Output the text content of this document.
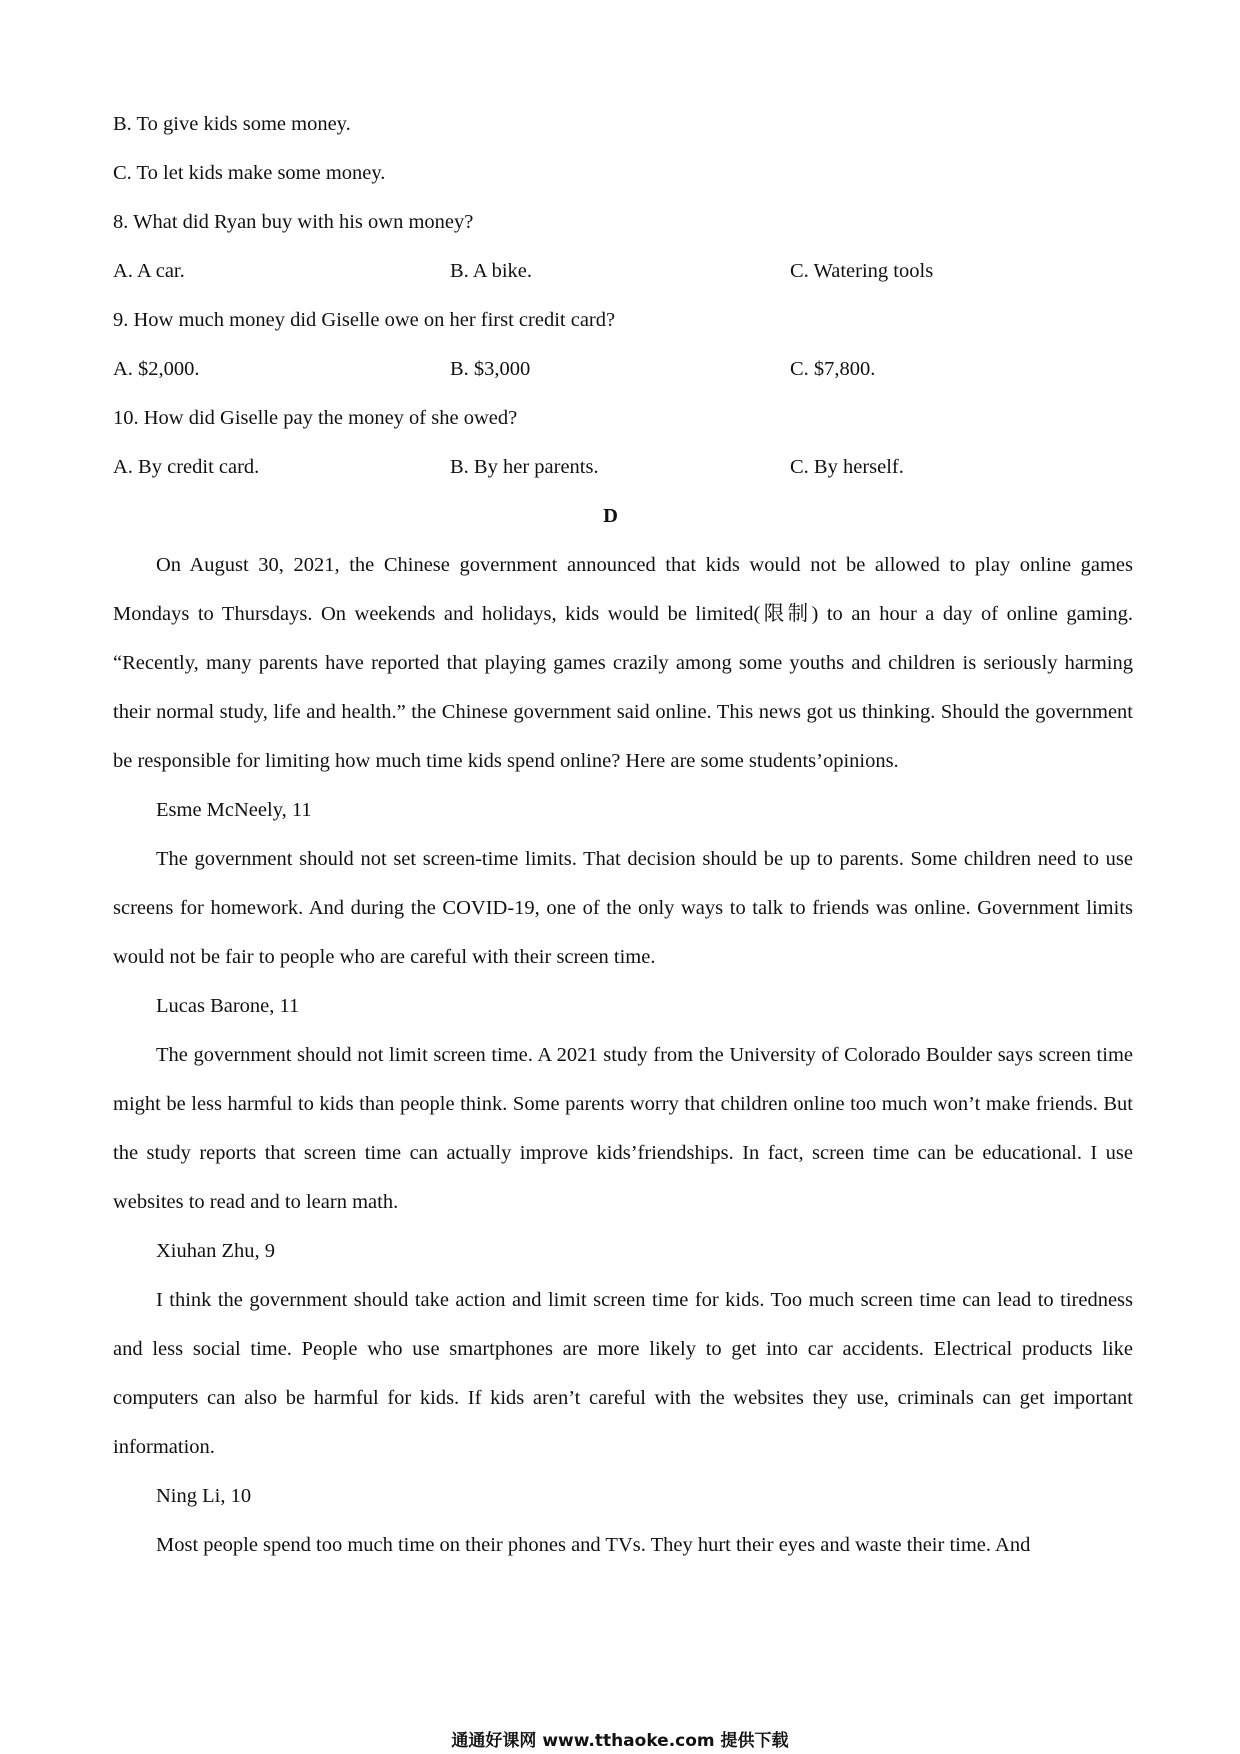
B. To give kids some money.

C. To let kids make some money.

8. What did Ryan buy with his own money?

A. A car.	B. A bike.	C. Watering tools

9. How much money did Giselle owe on her first credit card?

A. $2,000.	B. $3,000	C. $7,800.

10. How did Giselle pay the money of she owed?

A. By credit card.	B. By her parents.	C. By herself.

D

On August 30, 2021, the Chinese government announced that kids would not be allowed to play online games Mondays to Thursdays. On weekends and holidays, kids would be limited(限制) to an hour a day of online gaming. “Recently, many parents have reported that playing games crazily among some youths and children is seriously harming their normal study, life and health.” the Chinese government said online. This news got us thinking. Should the government be responsible for limiting how much time kids spend online? Here are some students’opinions.

Esme McNeely, 11

The government should not set screen-time limits. That decision should be up to parents. Some children need to use screens for homework. And during the COVID-19, one of the only ways to talk to friends was online. Government limits would not be fair to people who are careful with their screen time.

Lucas Barone, 11

The government should not limit screen time. A 2021 study from the University of Colorado Boulder says screen time might be less harmful to kids than people think. Some parents worry that children online too much won’t make friends. But the study reports that screen time can actually improve kids’friendships. In fact, screen time can be educational. I use websites to read and to learn math.

Xiuhan Zhu, 9

I think the government should take action and limit screen time for kids. Too much screen time can lead to tiredness and less social time. People who use smartphones are more likely to get into car accidents. Electrical products like computers can also be harmful for kids. If kids aren’t careful with the websites they use, criminals can get important information.

Ning Li, 10

Most people spend too much time on their phones and TVs. They hurt their eyes and waste their time. And

通通好课网 www.tthaoke.com 提供下载
